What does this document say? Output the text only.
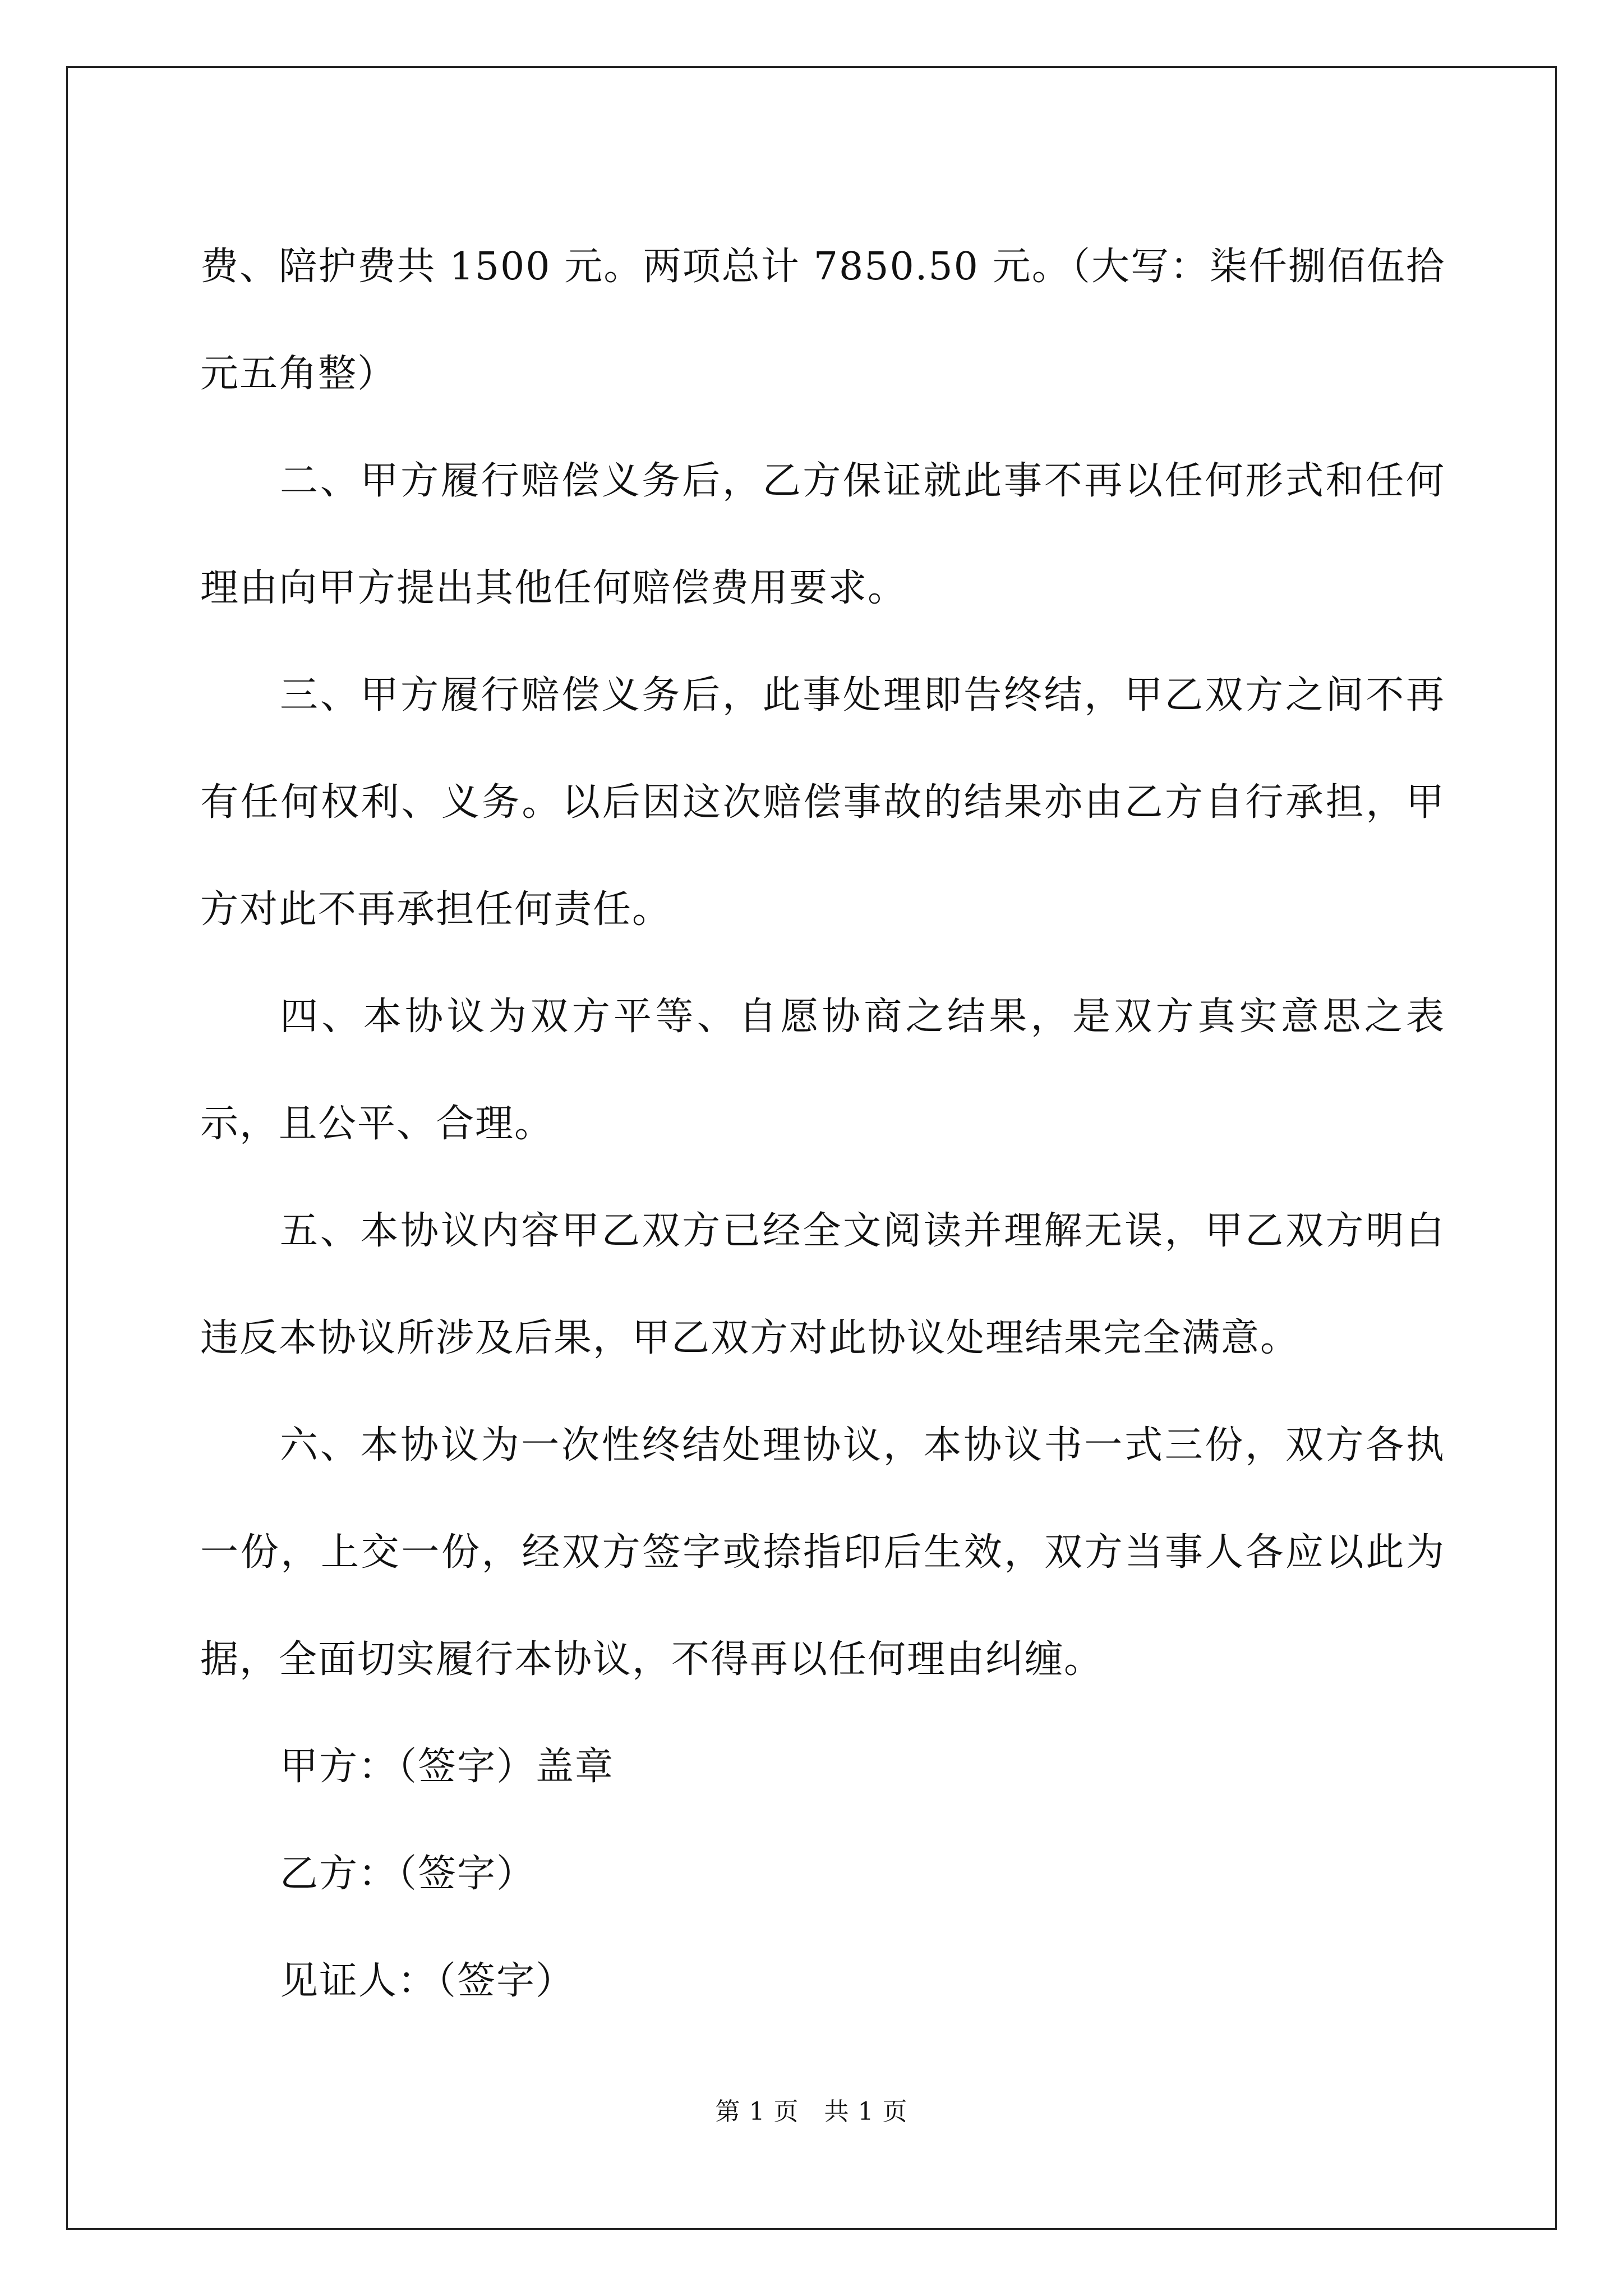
费、陪护费共 1500 元。两项总计 7850.50 元。（大写：柒仟捌佰伍拾元五角整）

二、甲方履行赔偿义务后，乙方保证就此事不再以任何形式和任何理由向甲方提出其他任何赔偿费用要求。

三、甲方履行赔偿义务后，此事处理即告终结，甲乙双方之间不再有任何权利、义务。以后因这次赔偿事故的结果亦由乙方自行承担，甲方对此不再承担任何责任。

四、本协议为双方平等、自愿协商之结果，是双方真实意思之表示，且公平、合理。

五、本协议内容甲乙双方已经全文阅读并理解无误，甲乙双方明白违反本协议所涉及后果，甲乙双方对此协议处理结果完全满意。

六、本协议为一次性终结处理协议，本协议书一式三份，双方各执一份，上交一份，经双方签字或捺指印后生效，双方当事人各应以此为据，全面切实履行本协议，不得再以任何理由纠缠。

甲方：（签字）盖章

乙方：（签字）

见证人：（签字）

第 1 页　共 1 页
